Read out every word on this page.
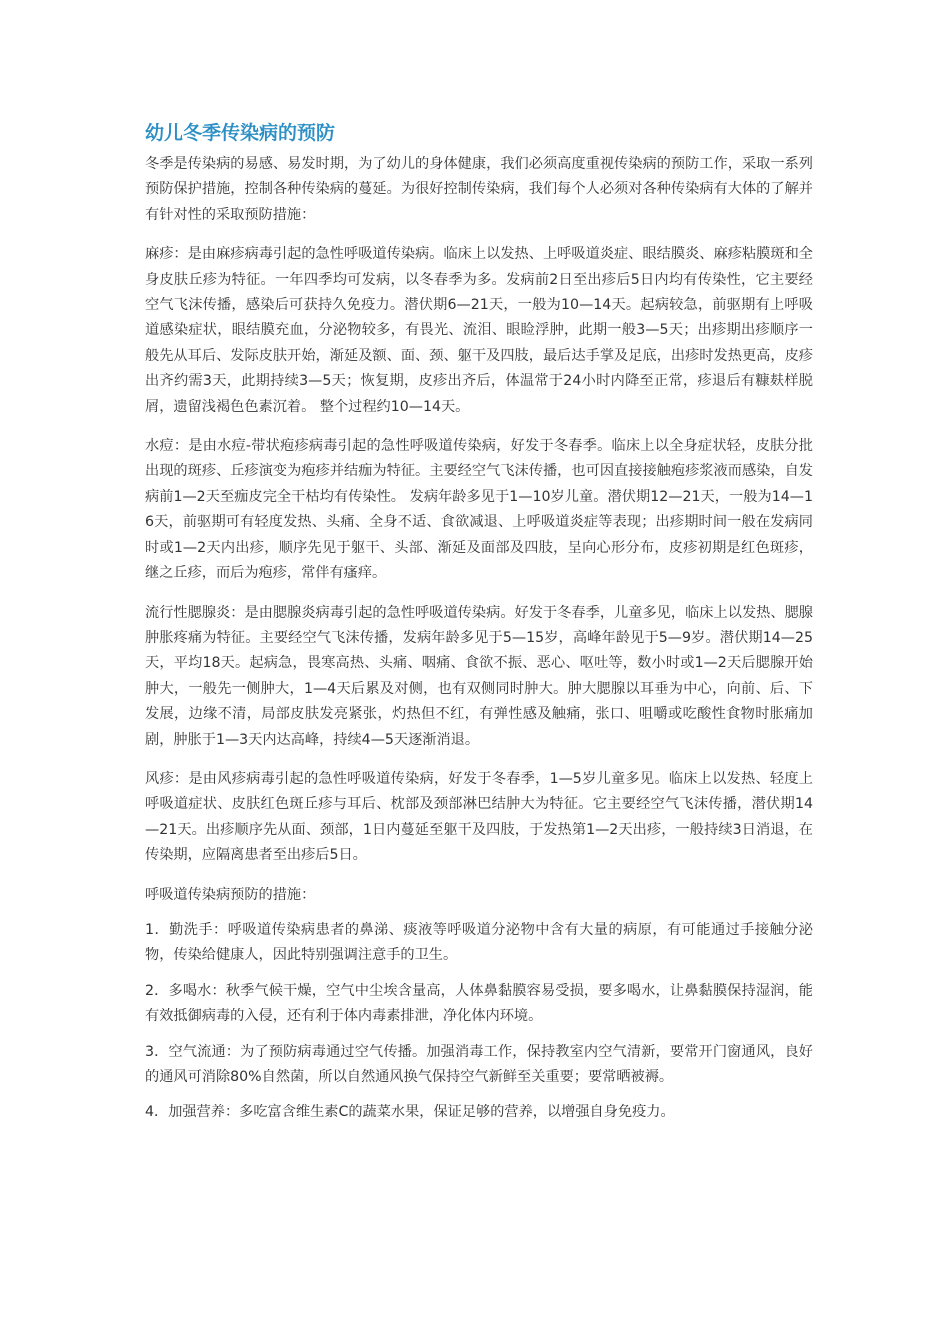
幼儿冬季传染病的预防

冬季是传染病的易感、易发时期，为了幼儿的身体健康，我们必须高度重视传染病的预防工作，采取一系列预防保护措施，控制各种传染病的蔓延。为很好控制传染病，我们每个人必须对各种传染病有大体的了解并有针对性的采取预防措施：

麻疹：是由麻疹病毒引起的急性呼吸道传染病。临床上以发热、上呼吸道炎症、眼结膜炎、麻疹粘膜斑和全身皮肤丘疹为特征。一年四季均可发病，以冬春季为多。发病前2日至出疹后5日内均有传染性，它主要经空气飞沫传播，感染后可获持久免疫力。潜伏期6—21天，一般为10—14天。起病较急，前驱期有上呼吸道感染症状，眼结膜充血，分泌物较多，有畏光、流泪、眼睑浮肿，此期一般3—5天；出疹期出疹顺序一般先从耳后、发际皮肤开始，渐延及额、面、颈、躯干及四肢，最后达手掌及足底，出疹时发热更高，皮疹出齐约需3天，此期持续3—5天；恢复期，皮疹出齐后，体温常于24小时内降至正常，疹退后有糠麸样脱屑，遗留浅褐色色素沉着。 整个过程约10—14天。

水痘：是由水痘-带状疱疹病毒引起的急性呼吸道传染病，好发于冬春季。临床上以全身症状轻，皮肤分批出现的斑疹、丘疹演变为疱疹并结痂为特征。主要经空气飞沫传播，也可因直接接触疱疹浆液而感染，自发病前1—2天至痂皮完全干枯均有传染性。 发病年龄多见于1—10岁儿童。潜伏期12—21天，一般为14—16天，前驱期可有轻度发热、头痛、全身不适、食欲减退、上呼吸道炎症等表现；出疹期时间一般在发病同时或1—2天内出疹，顺序先见于躯干、头部、渐延及面部及四肢，呈向心形分布，皮疹初期是红色斑疹，继之丘疹，而后为疱疹，常伴有瘙痒。

流行性腮腺炎：是由腮腺炎病毒引起的急性呼吸道传染病。好发于冬春季，儿童多见，临床上以发热、腮腺肿胀疼痛为特征。主要经空气飞沫传播，发病年龄多见于5—15岁，高峰年龄见于5—9岁。潜伏期14—25天，平均18天。起病急，畏寒高热、头痛、咽痛、食欲不振、恶心、呕吐等，数小时或1—2天后腮腺开始肿大，一般先一侧肿大，1—4天后累及对侧，也有双侧同时肿大。肿大腮腺以耳垂为中心，向前、后、下发展，边缘不清，局部皮肤发亮紧张，灼热但不红，有弹性感及触痛，张口、咀嚼或吃酸性食物时胀痛加剧，肿胀于1—3天内达高峰，持续4—5天逐渐消退。

风疹：是由风疹病毒引起的急性呼吸道传染病，好发于冬春季，1—5岁儿童多见。临床上以发热、轻度上呼吸道症状、皮肤红色斑丘疹与耳后、枕部及颈部淋巴结肿大为特征。它主要经空气飞沫传播，潜伏期14—21天。出疹顺序先从面、颈部，1日内蔓延至躯干及四肢，于发热第1—2天出疹，一般持续3日消退，在传染期，应隔离患者至出疹后5日。

呼吸道传染病预防的措施：

1．勤洗手：呼吸道传染病患者的鼻涕、痰液等呼吸道分泌物中含有大量的病原，有可能通过手接触分泌物，传染给健康人，因此特别强调注意手的卫生。

2．多喝水：秋季气候干燥，空气中尘埃含量高，人体鼻黏膜容易受损，要多喝水，让鼻黏膜保持湿润，能有效抵御病毒的入侵，还有利于体内毒素排泄，净化体内环境。

3．空气流通：为了预防病毒通过空气传播。加强消毒工作，保持教室内空气清新，要常开门窗通风，良好的通风可消除80%自然菌，所以自然通风换气保持空气新鲜至关重要；要常晒被褥。

4．加强营养：多吃富含维生素C的蔬菜水果，保证足够的营养，以增强自身免疫力。
